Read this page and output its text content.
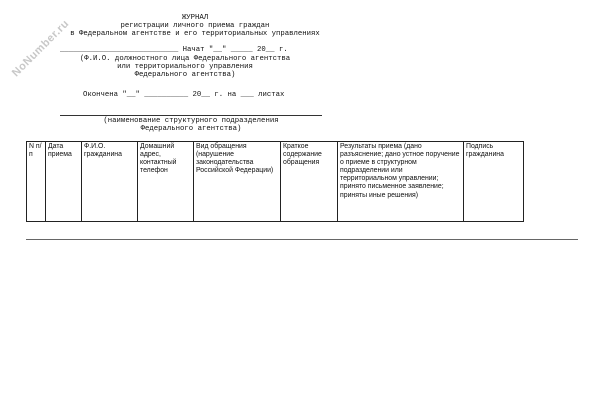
NoNumber.ru	ЖУРНАЛ
регистрации личного приема граждан
в Федеральном агентстве и его территориальных управлениях
___________________________ Начат "__" _____ 20__ г.
(Ф.И.О. должностного лица Федерального агентства
или территориального управления
Федерального агентства)
Окончена "__" __________ 20__ г. на ___ листах
(наименование структурного подразделения
Федерального агентства)
N п/п	Дата приема	Ф.И.О. гражданина	Домашний адрес, контактный телефон	Вид обращения (нарушение законодательства Российской Федерации)	Краткое содержание обращения	Результаты приема (дано разъяснение; дано устное поручение о приеме в структурном подразделении или территориальном управлении; принято письменное заявление; приняты иные решения)	Подпись гражданина
